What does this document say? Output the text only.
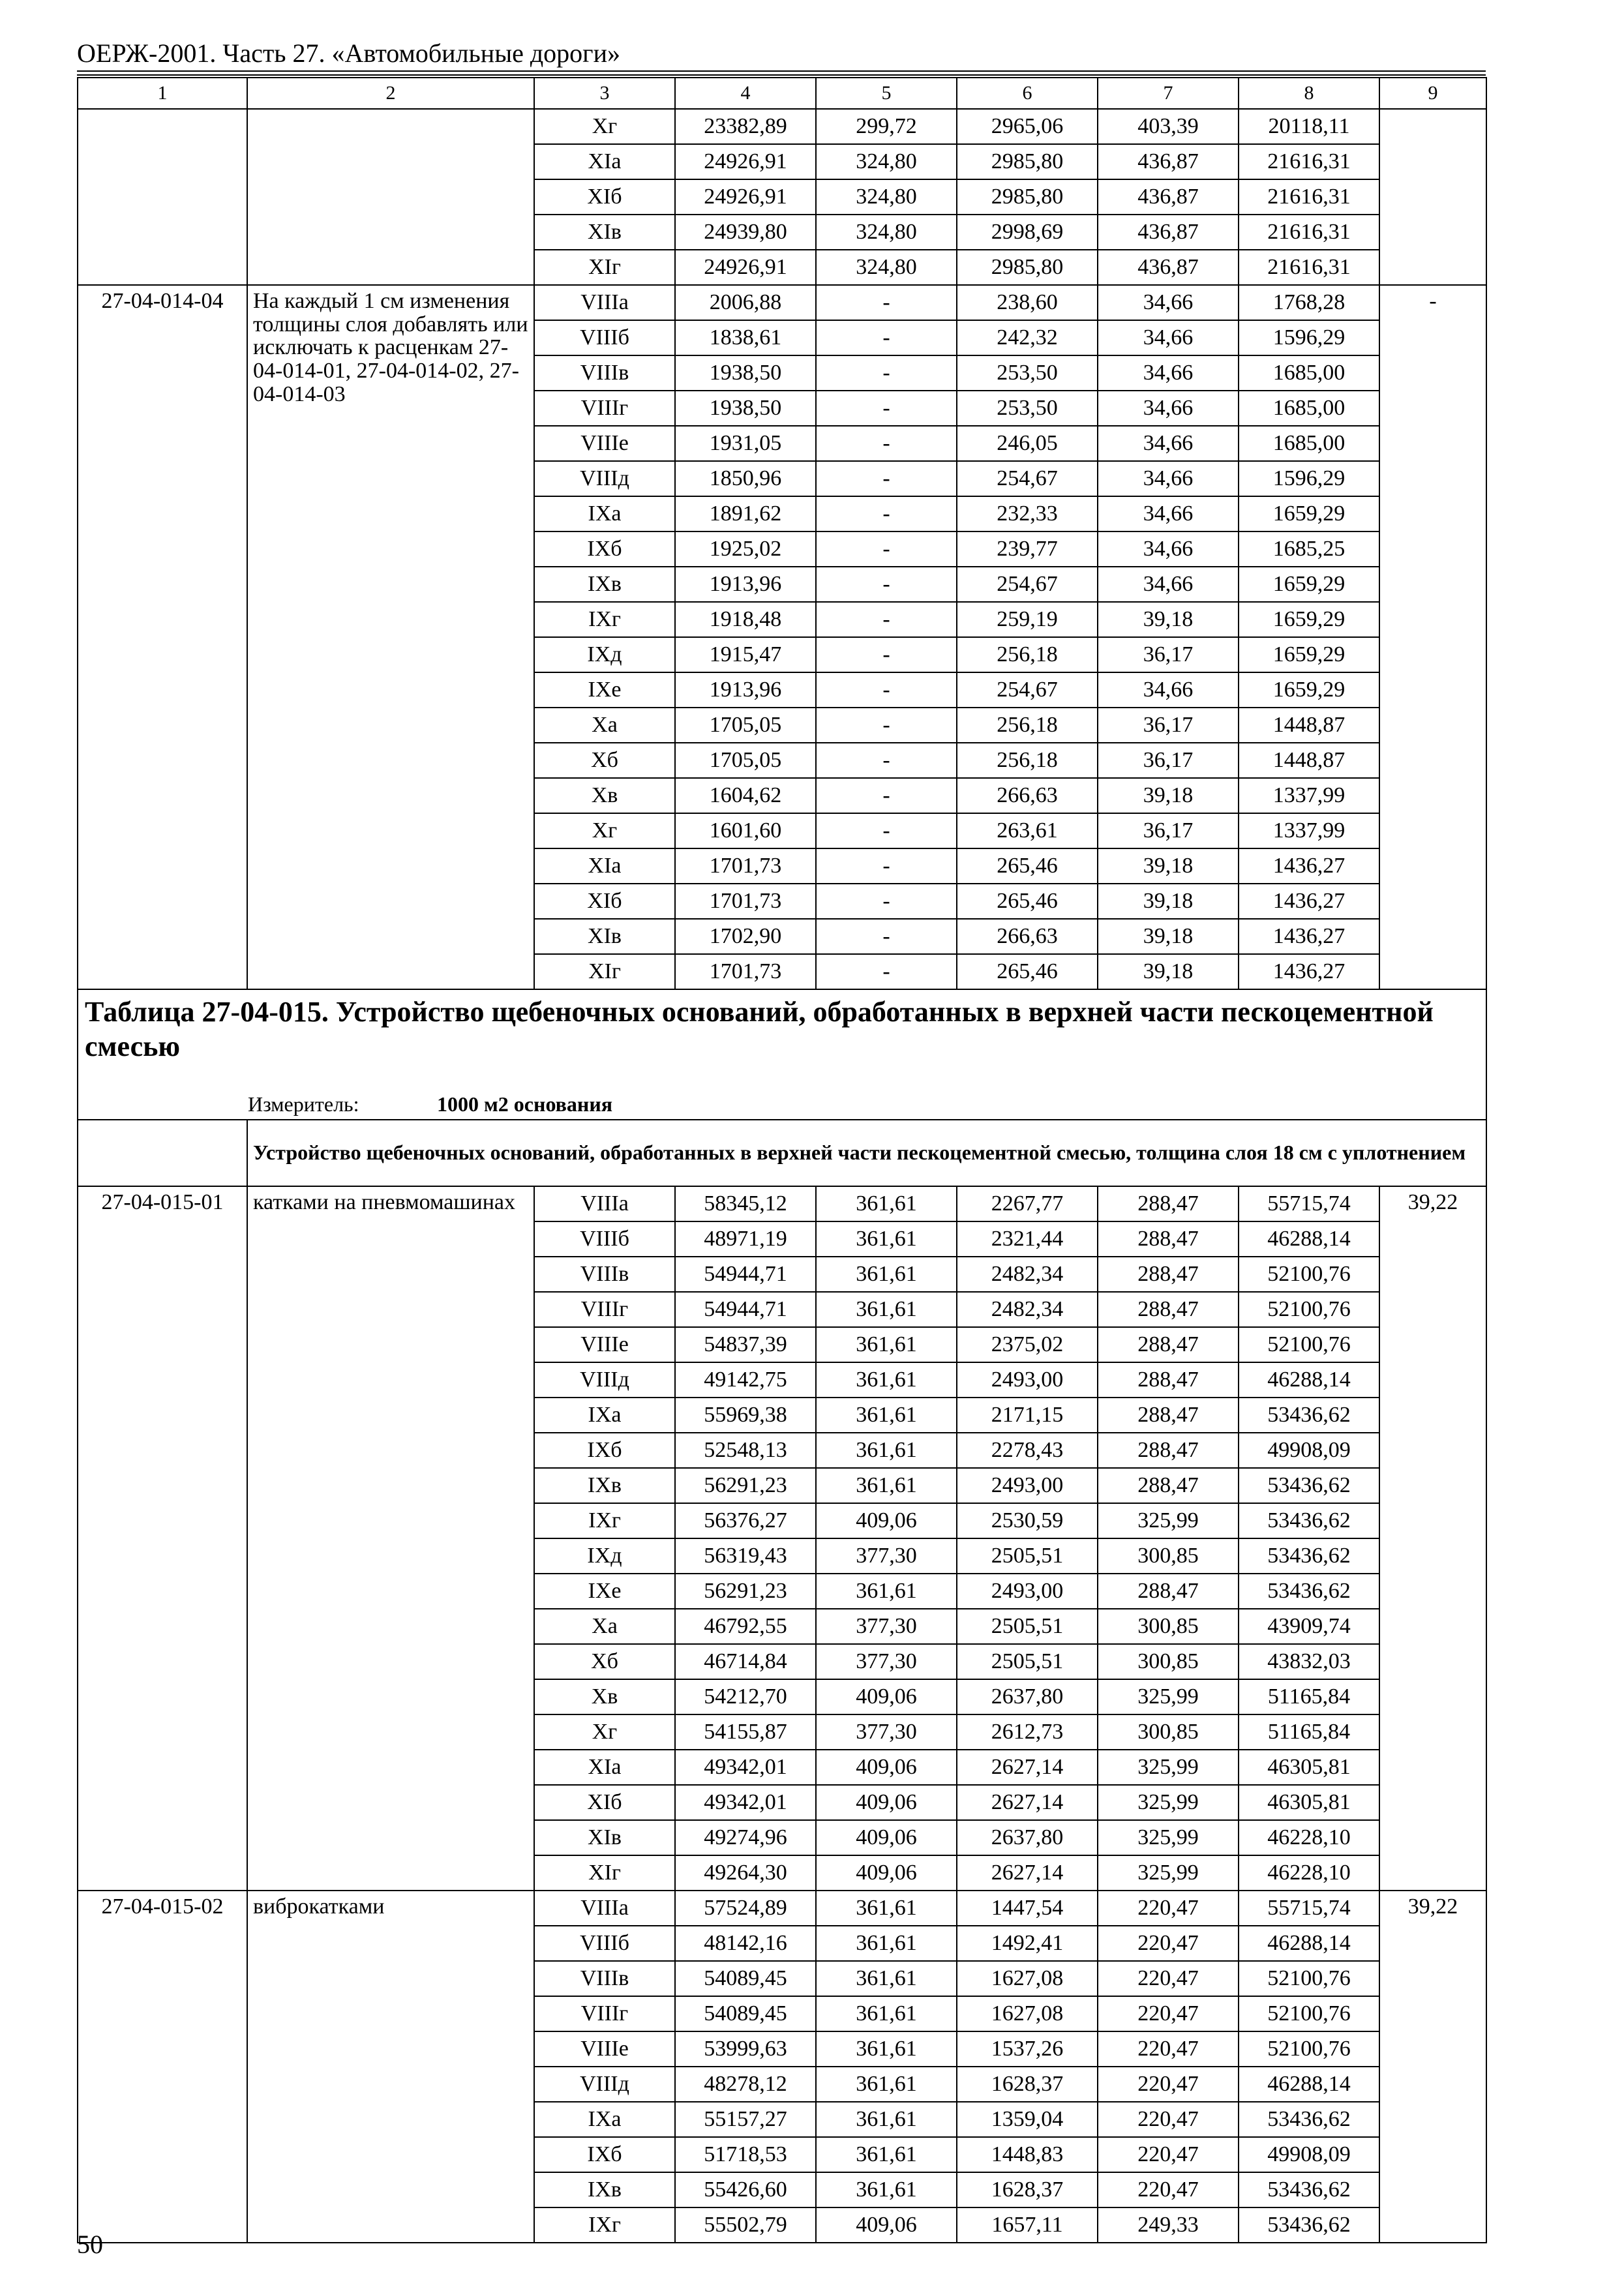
ОЕРЖ-2001. Часть 27. «Автомобильные дороги»
1	2	3	4	5	6	7	8	9
		Xг	23382,89	299,72	2965,06	403,39	20118,11	
		XIa	24926,91	324,80	2985,80	436,87	21616,31	
		XIб	24926,91	324,80	2985,80	436,87	21616,31	
		XIв	24939,80	324,80	2998,69	436,87	21616,31	
		XIг	24926,91	324,80	2985,80	436,87	21616,31	
27-04-014-04	На каждый 1 см изменения толщины слоя добавлять или исключать к расценкам 27-04-014-01, 27-04-014-02, 27-04-014-03	VIIIa	2006,88	-	238,60	34,66	1768,28	-
		VIIIб	1838,61	-	242,32	34,66	1596,29	
		VIIIв	1938,50	-	253,50	34,66	1685,00	
		VIIIг	1938,50	-	253,50	34,66	1685,00	
		VIIIe	1931,05	-	246,05	34,66	1685,00	
		VIIIд	1850,96	-	254,67	34,66	1596,29	
		IXa	1891,62	-	232,33	34,66	1659,29	
		IXб	1925,02	-	239,77	34,66	1685,25	
		IXв	1913,96	-	254,67	34,66	1659,29	
		IXг	1918,48	-	259,19	39,18	1659,29	
		IXд	1915,47	-	256,18	36,17	1659,29	
		IXe	1913,96	-	254,67	34,66	1659,29	
		Xa	1705,05	-	256,18	36,17	1448,87	
		Xб	1705,05	-	256,18	36,17	1448,87	
		Xв	1604,62	-	266,63	39,18	1337,99	
		Xг	1601,60	-	263,61	36,17	1337,99	
		XIa	1701,73	-	265,46	39,18	1436,27	
		XIб	1701,73	-	265,46	39,18	1436,27	
		XIв	1702,90	-	266,63	39,18	1436,27	
		XIг	1701,73	-	265,46	39,18	1436,27	
Таблица 27-04-015. Устройство щебеночных оснований, обработанных в верхней части пескоцементной смесью								
Измеритель: 1000 м2 основания								
	Устройство щебеночных оснований, обработанных в верхней части пескоцементной смесью, толщина слоя 18 см с уплотнением							
27-04-015-01	катками на пневмомашинах	VIIIa	58345,12	361,61	2267,77	288,47	55715,74	39,22
		VIIIб	48971,19	361,61	2321,44	288,47	46288,14	
		VIIIв	54944,71	361,61	2482,34	288,47	52100,76	
		VIIIг	54944,71	361,61	2482,34	288,47	52100,76	
		VIIIe	54837,39	361,61	2375,02	288,47	52100,76	
		VIIIд	49142,75	361,61	2493,00	288,47	46288,14	
		IXa	55969,38	361,61	2171,15	288,47	53436,62	
		IXб	52548,13	361,61	2278,43	288,47	49908,09	
		IXв	56291,23	361,61	2493,00	288,47	53436,62	
		IXг	56376,27	409,06	2530,59	325,99	53436,62	
		IXд	56319,43	377,30	2505,51	300,85	53436,62	
		IXe	56291,23	361,61	2493,00	288,47	53436,62	
		Xa	46792,55	377,30	2505,51	300,85	43909,74	
		Xб	46714,84	377,30	2505,51	300,85	43832,03	
		Xв	54212,70	409,06	2637,80	325,99	51165,84	
		Xг	54155,87	377,30	2612,73	300,85	51165,84	
		XIa	49342,01	409,06	2627,14	325,99	46305,81	
		XIб	49342,01	409,06	2627,14	325,99	46305,81	
		XIв	49274,96	409,06	2637,80	325,99	46228,10	
		XIг	49264,30	409,06	2627,14	325,99	46228,10	
27-04-015-02	виброкатками	VIIIa	57524,89	361,61	1447,54	220,47	55715,74	39,22
		VIIIб	48142,16	361,61	1492,41	220,47	46288,14	
		VIIIв	54089,45	361,61	1627,08	220,47	52100,76	
		VIIIг	54089,45	361,61	1627,08	220,47	52100,76	
		VIIIe	53999,63	361,61	1537,26	220,47	52100,76	
		VIIIд	48278,12	361,61	1628,37	220,47	46288,14	
		IXa	55157,27	361,61	1359,04	220,47	53436,62	
		IXб	51718,53	361,61	1448,83	220,47	49908,09	
		IXв	55426,60	361,61	1628,37	220,47	53436,62	
		IXг	55502,79	409,06	1657,11	249,33	53436,62	
50
